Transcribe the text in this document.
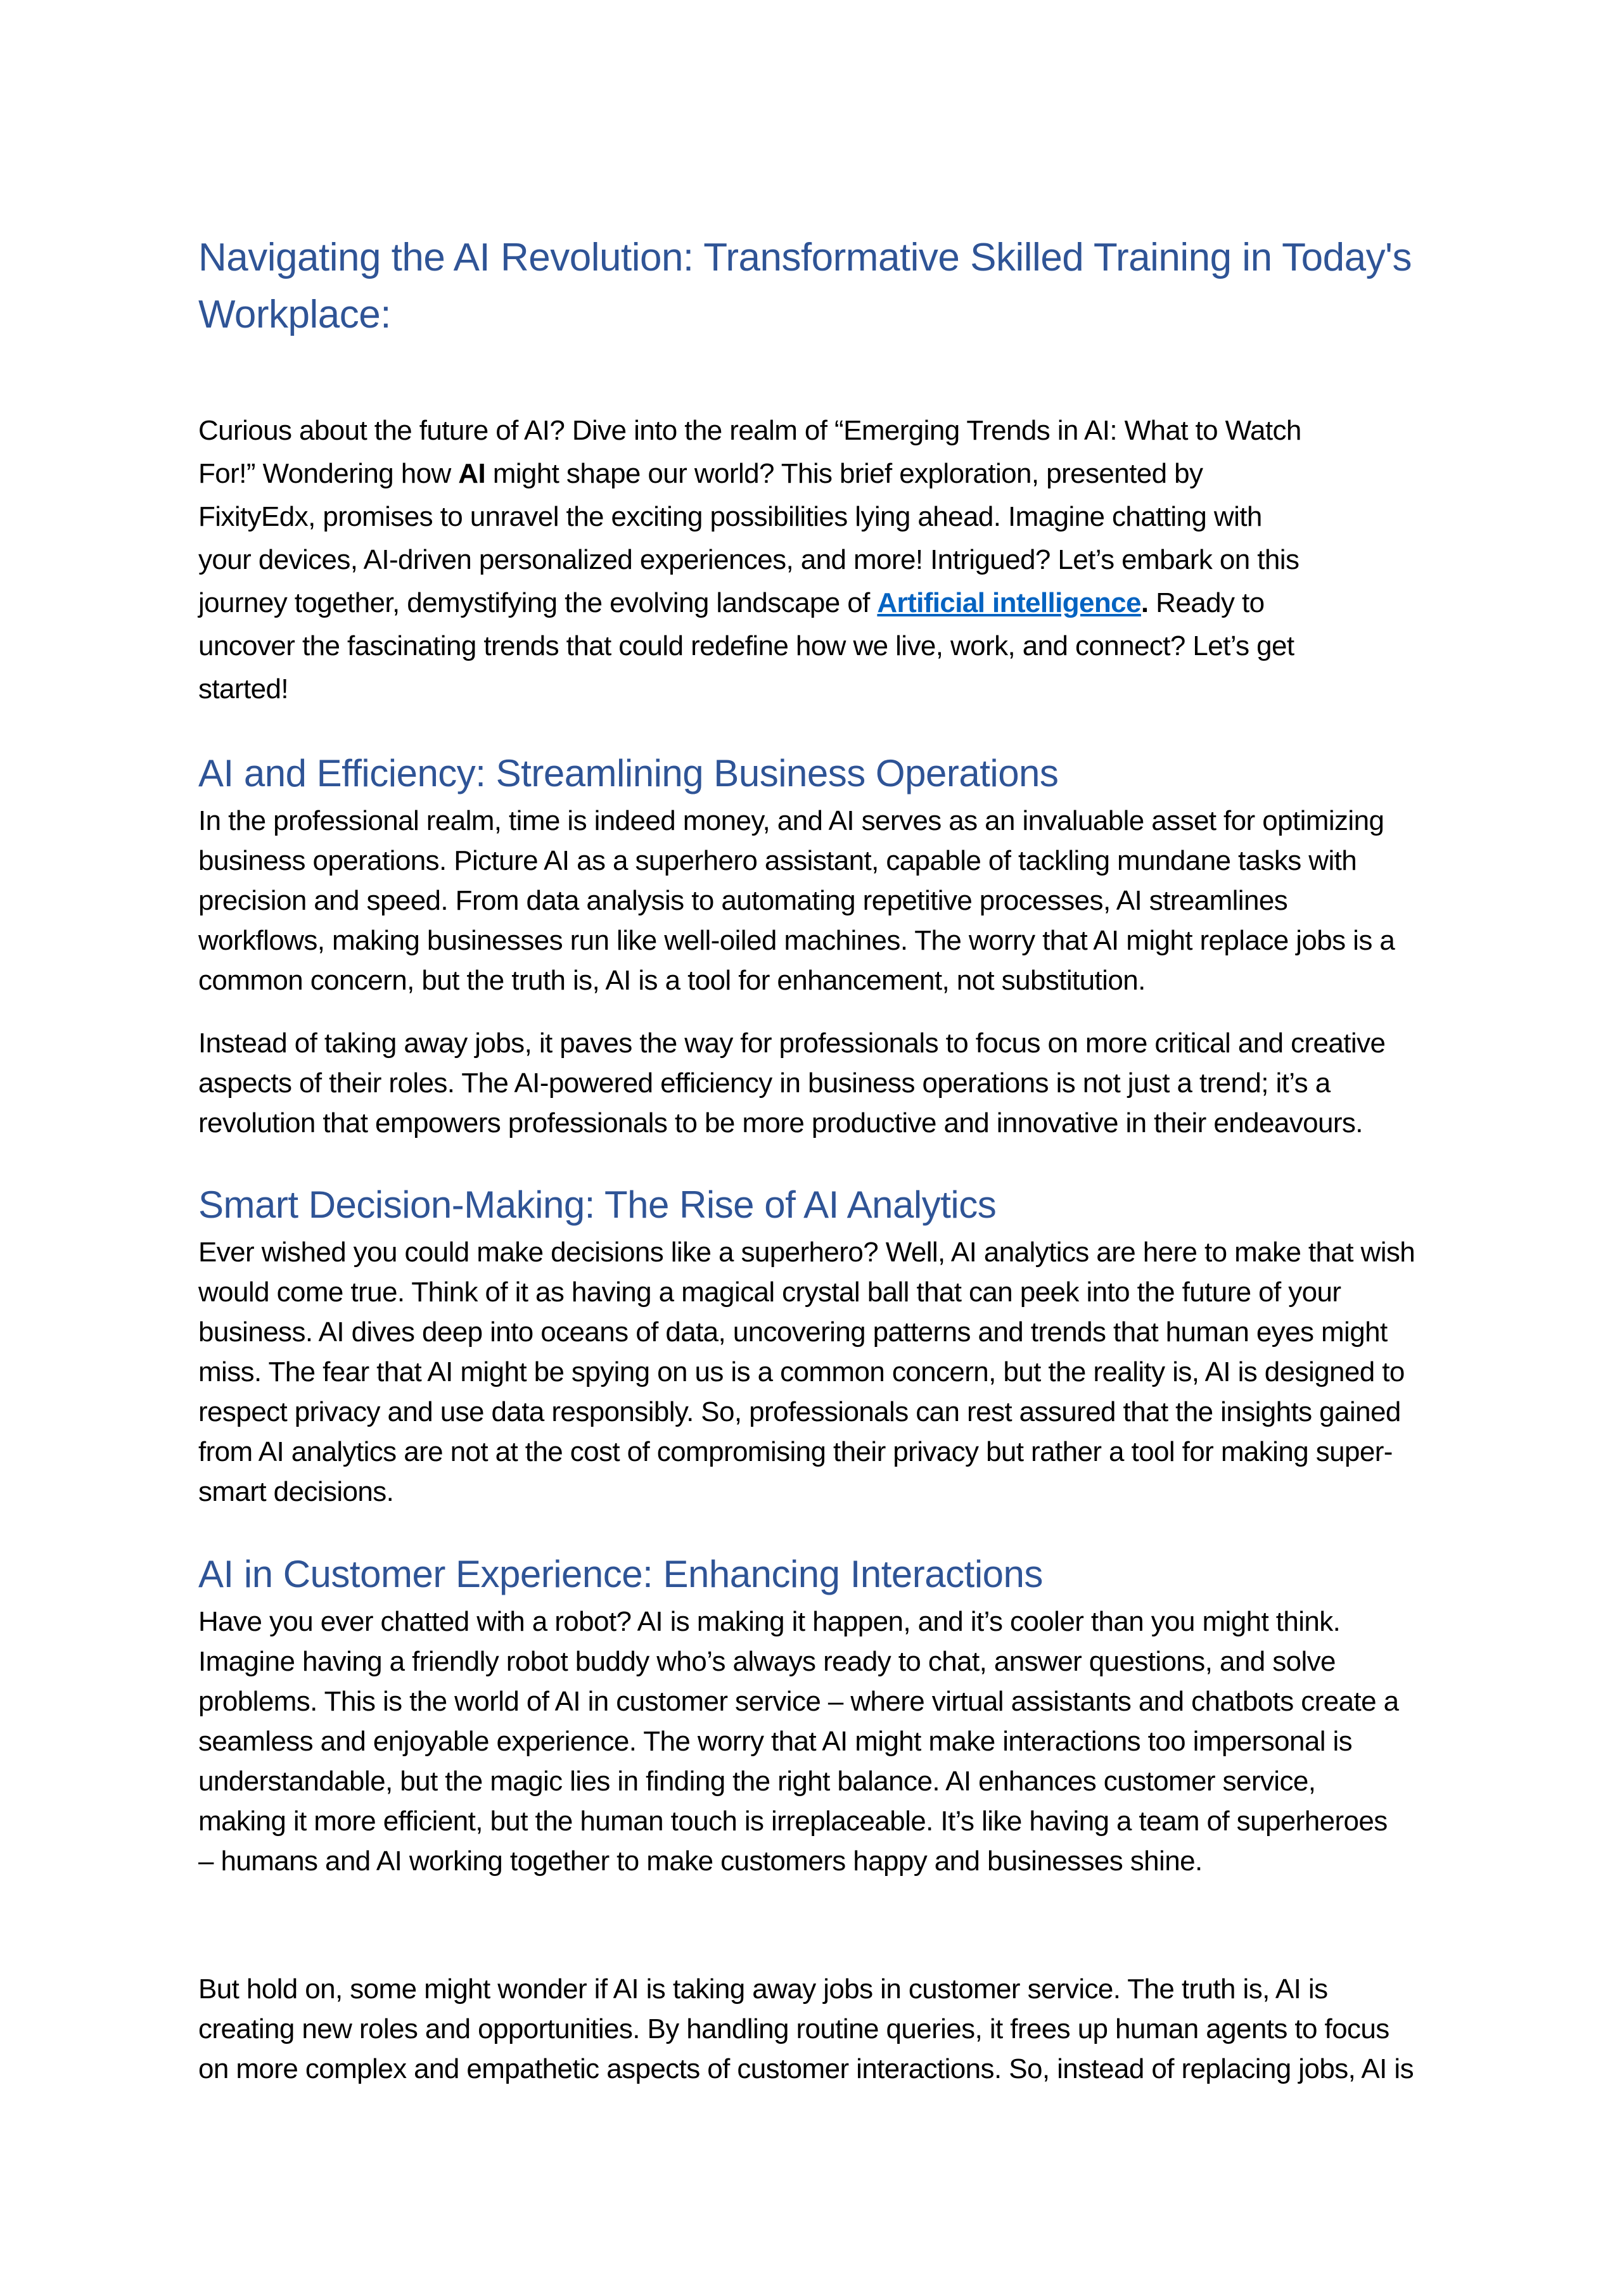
Navigating the AI Revolution: Transformative Skilled Training in Today's
Workplace:
Curious about the future of AI? Dive into the realm of “Emerging Trends in AI: What to Watch
For!” Wondering how AI might shape our world? This brief exploration, presented by
FixityEdx, promises to unravel the exciting possibilities lying ahead. Imagine chatting with
your devices, AI-driven personalized experiences, and more! Intrigued? Let’s embark on this
journey together, demystifying the evolving landscape of Artificial intelligence. Ready to
uncover the fascinating trends that could redefine how we live, work, and connect? Let’s get
started!
AI and Efficiency: Streamlining Business Operations
In the professional realm, time is indeed money, and AI serves as an invaluable asset for optimizing
business operations. Picture AI as a superhero assistant, capable of tackling mundane tasks with
precision and speed. From data analysis to automating repetitive processes, AI streamlines
workflows, making businesses run like well-oiled machines. The worry that AI might replace jobs is a
common concern, but the truth is, AI is a tool for enhancement, not substitution.
Instead of taking away jobs, it paves the way for professionals to focus on more critical and creative
aspects of their roles. The AI-powered efficiency in business operations is not just a trend; it’s a
revolution that empowers professionals to be more productive and innovative in their endeavours.
Smart Decision-Making: The Rise of AI Analytics
Ever wished you could make decisions like a superhero? Well, AI analytics are here to make that wish
would come true. Think of it as having a magical crystal ball that can peek into the future of your
business. AI dives deep into oceans of data, uncovering patterns and trends that human eyes might
miss. The fear that AI might be spying on us is a common concern, but the reality is, AI is designed to
respect privacy and use data responsibly. So, professionals can rest assured that the insights gained
from AI analytics are not at the cost of compromising their privacy but rather a tool for making super-
smart decisions.
AI in Customer Experience: Enhancing Interactions
Have you ever chatted with a robot? AI is making it happen, and it’s cooler than you might think.
Imagine having a friendly robot buddy who’s always ready to chat, answer questions, and solve
problems. This is the world of AI in customer service – where virtual assistants and chatbots create a
seamless and enjoyable experience. The worry that AI might make interactions too impersonal is
understandable, but the magic lies in finding the right balance. AI enhances customer service,
making it more efficient, but the human touch is irreplaceable. It’s like having a team of superheroes
– humans and AI working together to make customers happy and businesses shine.
But hold on, some might wonder if AI is taking away jobs in customer service. The truth is, AI is
creating new roles and opportunities. By handling routine queries, it frees up human agents to focus
on more complex and empathetic aspects of customer interactions. So, instead of replacing jobs, AI is
